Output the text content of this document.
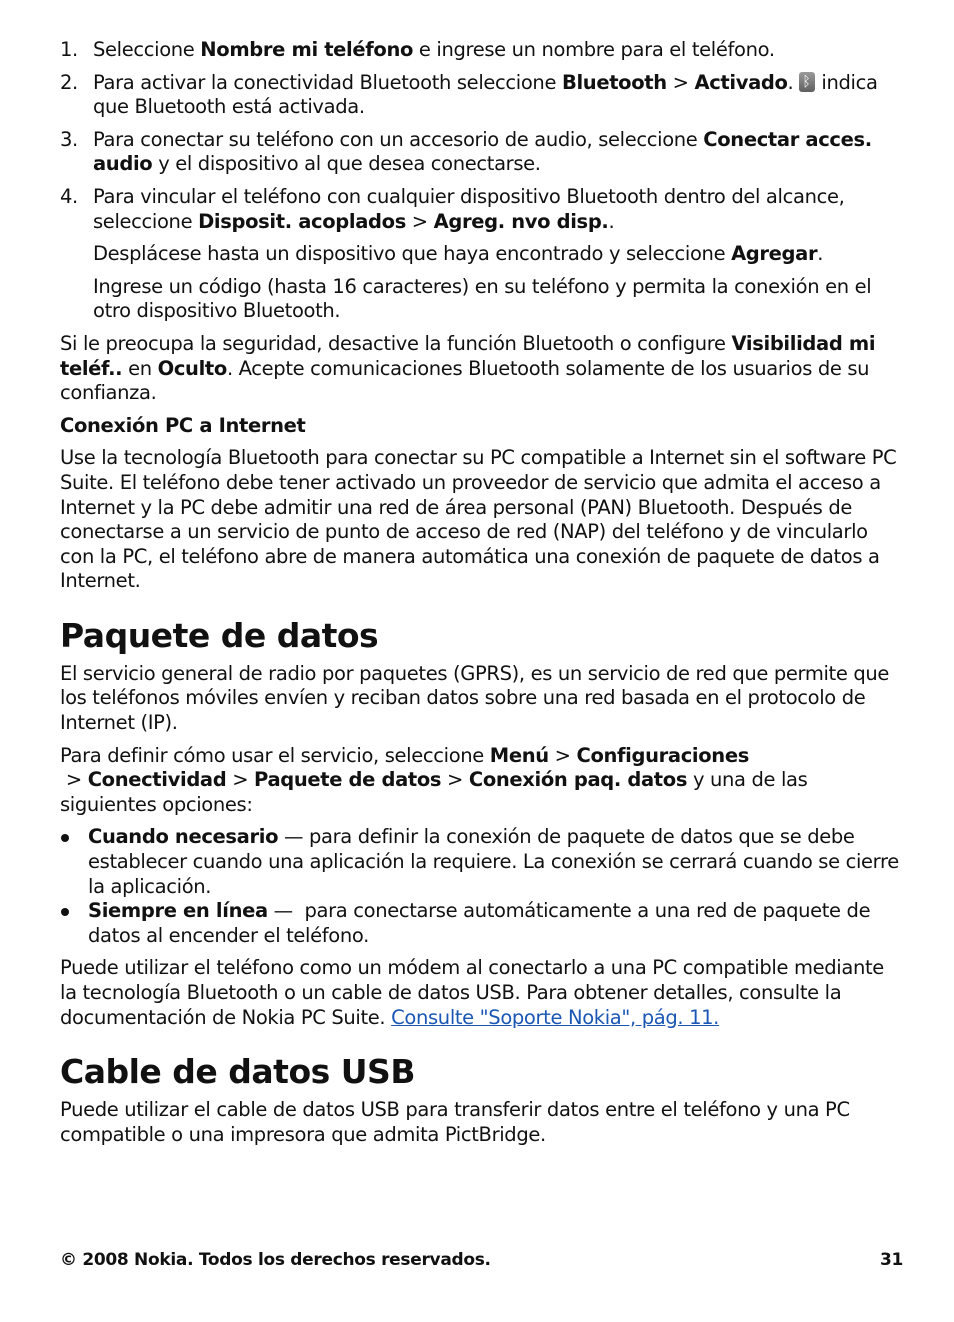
1. Seleccione Nombre mi teléfono e ingrese un nombre para el teléfono.
2. Para activar la conectividad Bluetooth seleccione Bluetooth > Activado. ᛒ indica que Bluetooth está activada.
3. Para conectar su teléfono con un accesorio de audio, seleccione Conectar acces. audio y el dispositivo al que desea conectarse.
4. Para vincular el teléfono con cualquier dispositivo Bluetooth dentro del alcance, seleccione Disposit. acoplados > Agreg. nvo disp..

Desplácese hasta un dispositivo que haya encontrado y seleccione Agregar.

Ingrese un código (hasta 16 caracteres) en su teléfono y permita la conexión en el otro dispositivo Bluetooth.

Si le preocupa la seguridad, desactive la función Bluetooth o configure Visibilidad mi teléf.. en Oculto. Acepte comunicaciones Bluetooth solamente de los usuarios de su confianza.

Conexión PC a Internet

Use la tecnología Bluetooth para conectar su PC compatible a Internet sin el software PC Suite. El teléfono debe tener activado un proveedor de servicio que admita el acceso a Internet y la PC debe admitir una red de área personal (PAN) Bluetooth. Después de conectarse a un servicio de punto de acceso de red (NAP) del teléfono y de vincularlo con la PC, el teléfono abre de manera automática una conexión de paquete de datos a Internet.

Paquete de datos

El servicio general de radio por paquetes (GPRS), es un servicio de red que permite que los teléfonos móviles envíen y reciban datos sobre una red basada en el protocolo de Internet (IP).

Para definir cómo usar el servicio, seleccione Menú > Configuraciones > Conectividad > Paquete de datos > Conexión paq. datos y una de las siguientes opciones:

Cuando necesario — para definir la conexión de paquete de datos que se debe establecer cuando una aplicación la requiere. La conexión se cerrará cuando se cierre la aplicación.
Siempre en línea —  para conectarse automáticamente a una red de paquete de datos al encender el teléfono.

Puede utilizar el teléfono como un módem al conectarlo a una PC compatible mediante la tecnología Bluetooth o un cable de datos USB. Para obtener detalles, consulte la documentación de Nokia PC Suite. Consulte "Soporte Nokia", pág. 11.

Cable de datos USB

Puede utilizar el cable de datos USB para transferir datos entre el teléfono y una PC compatible o una impresora que admita PictBridge.

© 2008 Nokia. Todos los derechos reservados.	31
